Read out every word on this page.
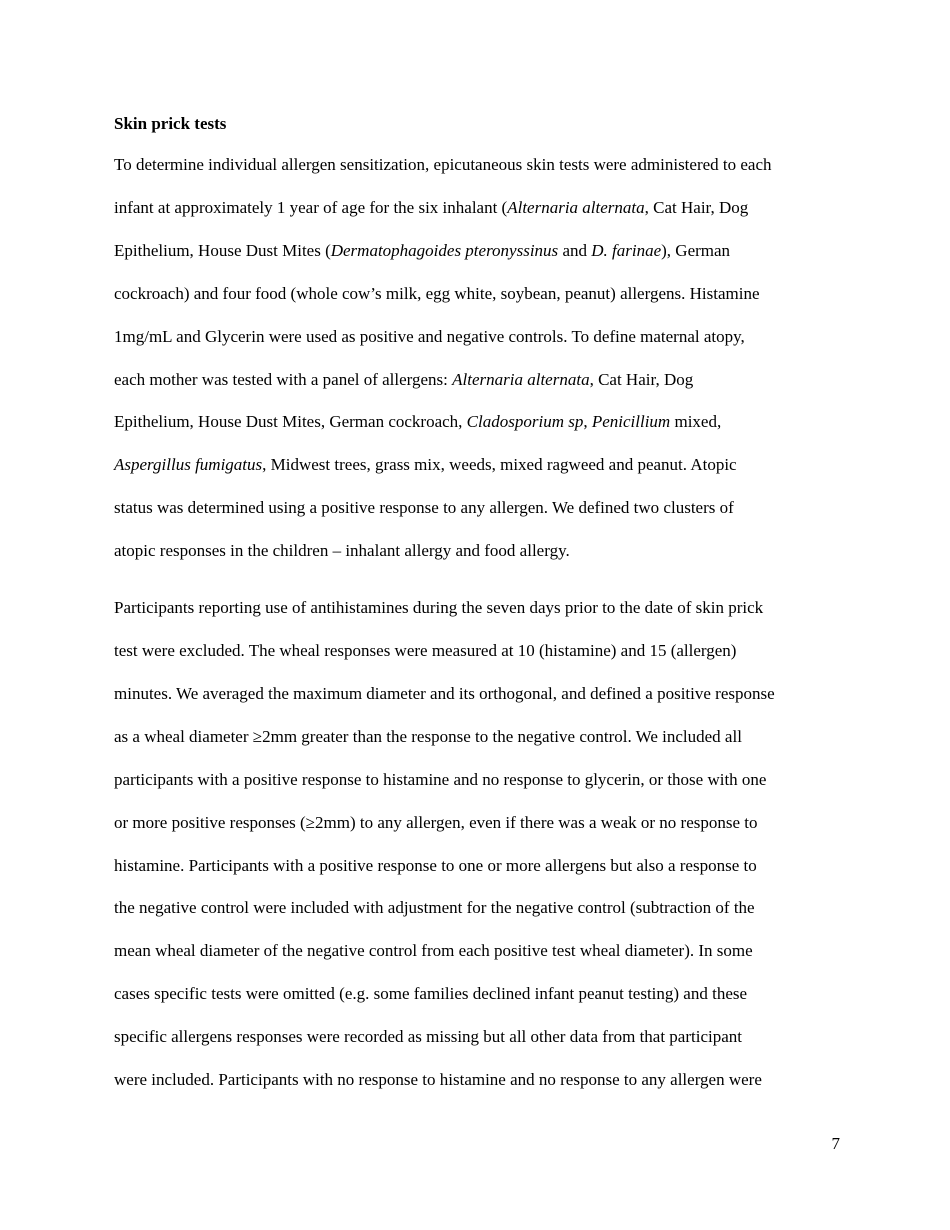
Skin prick tests

To determine individual allergen sensitization, epicutaneous skin tests were administered to each
infant at approximately 1 year of age for the six inhalant (Alternaria alternata, Cat Hair, Dog
Epithelium, House Dust Mites (Dermatophagoides pteronyssinus and D. farinae), German
cockroach) and four food (whole cow’s milk, egg white, soybean, peanut) allergens. Histamine
1mg/mL and Glycerin were used as positive and negative controls. To define maternal atopy,
each mother was tested with a panel of allergens: Alternaria alternata, Cat Hair, Dog
Epithelium, House Dust Mites, German cockroach, Cladosporium sp, Penicillium mixed,
Aspergillus fumigatus, Midwest trees, grass mix, weeds, mixed ragweed and peanut. Atopic
status was determined using a positive response to any allergen. We defined two clusters of
atopic responses in the children – inhalant allergy and food allergy.

Participants reporting use of antihistamines during the seven days prior to the date of skin prick
test were excluded. The wheal responses were measured at 10 (histamine) and 15 (allergen)
minutes. We averaged the maximum diameter and its orthogonal, and defined a positive response
as a wheal diameter ≥2mm greater than the response to the negative control. We included all
participants with a positive response to histamine and no response to glycerin, or those with one
or more positive responses (≥2mm) to any allergen, even if there was a weak or no response to
histamine. Participants with a positive response to one or more allergens but also a response to
the negative control were included with adjustment for the negative control (subtraction of the
mean wheal diameter of the negative control from each positive test wheal diameter). In some
cases specific tests were omitted (e.g. some families declined infant peanut testing) and these
specific allergens responses were recorded as missing but all other data from that participant
were included. Participants with no response to histamine and no response to any allergen were

7
